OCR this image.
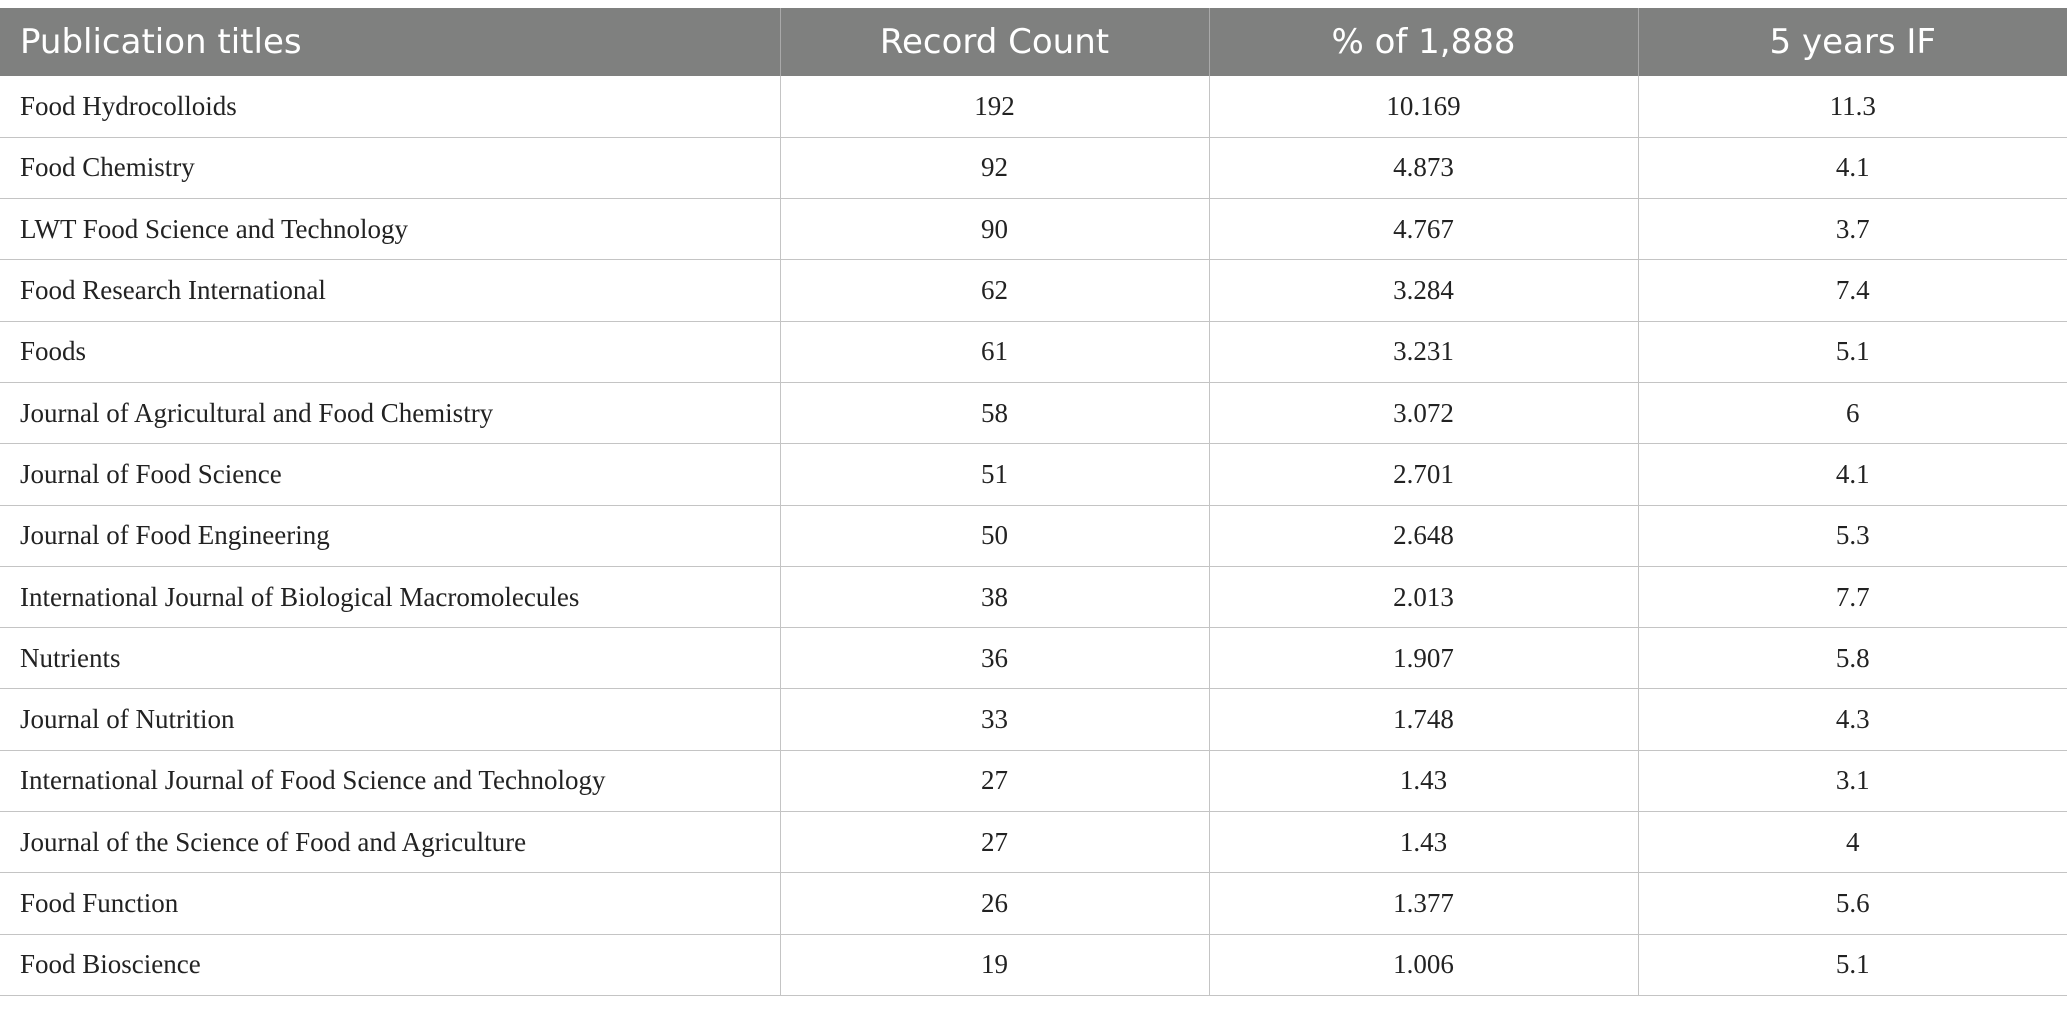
Publication titles	Record Count	% of 1,888	5 years IF
Food Hydrocolloids	192	10.169	11.3
Food Chemistry	92	4.873	4.1
LWT Food Science and Technology	90	4.767	3.7
Food Research International	62	3.284	7.4
Foods	61	3.231	5.1
Journal of Agricultural and Food Chemistry	58	3.072	6
Journal of Food Science	51	2.701	4.1
Journal of Food Engineering	50	2.648	5.3
International Journal of Biological Macromolecules	38	2.013	7.7
Nutrients	36	1.907	5.8
Journal of Nutrition	33	1.748	4.3
International Journal of Food Science and Technology	27	1.43	3.1
Journal of the Science of Food and Agriculture	27	1.43	4
Food Function	26	1.377	5.6
Food Bioscience	19	1.006	5.1
